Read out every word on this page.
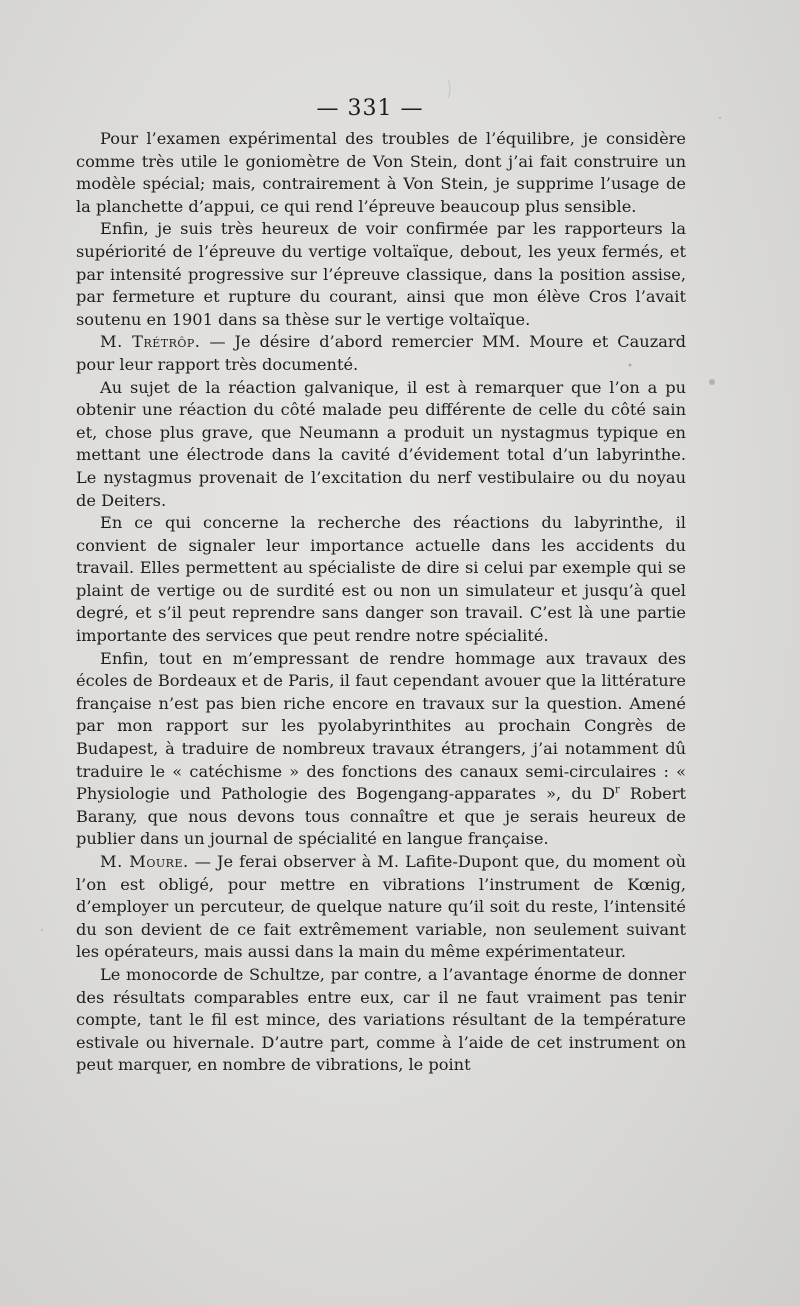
— 331 —

Pour l’examen expérimental des troubles de l’équilibre, je considère comme très utile le goniomètre de Von Stein, dont j’ai fait construire un modèle spécial; mais, contrairement à Von Stein, je supprime l’usage de la planchette d’appui, ce qui rend l’épreuve beaucoup plus sensible.

Enfin, je suis très heureux de voir confirmée par les rapporteurs la supériorité de l’épreuve du vertige voltaïque, debout, les yeux fermés, et par intensité progressive sur l’épreuve classique, dans la position assise, par fermeture et rupture du courant, ainsi que mon élève Cros l’avait soutenu en 1901 dans sa thèse sur le vertige voltaïque.

M. Trétrôp. — Je désire d’abord remercier MM. Moure et Cauzard pour leur rapport très documenté.

Au sujet de la réaction galvanique, il est à remarquer que l’on a pu obtenir une réaction du côté malade peu différente de celle du côté sain et, chose plus grave, que Neumann a produit un nystagmus typique en mettant une électrode dans la cavité d’évidement total d’un labyrinthe. Le nystagmus provenait de l’excitation du nerf vestibulaire ou du noyau de Deiters.

En ce qui concerne la recherche des réactions du labyrinthe, il convient de signaler leur importance actuelle dans les accidents du travail. Elles permettent au spécialiste de dire si celui par exemple qui se plaint de vertige ou de surdité est ou non un simulateur et jusqu’à quel degré, et s’il peut reprendre sans danger son travail. C’est là une partie importante des services que peut rendre notre spécialité.

Enfin, tout en m’empressant de rendre hommage aux travaux des écoles de Bordeaux et de Paris, il faut cependant avouer que la littérature française n’est pas bien riche encore en travaux sur la question. Amené par mon rapport sur les pyolabyrinthites au prochain Congrès de Budapest, à traduire de nombreux travaux étrangers, j’ai notamment dû traduire le « catéchisme » des fonctions des canaux semi-circulaires : « Physiologie und Pathologie des Bogengang-apparates », du $D^r$ Robert Barany, que nous devons tous connaître et que je serais heureux de publier dans un journal de spécialité en langue française.

M. Moure. — Je ferai observer à M. Lafite-Dupont que, du moment où l’on est obligé, pour mettre en vibrations l’instrument de Kœnig, d’employer un percuteur, de quelque nature qu’il soit du reste, l’intensité du son devient de ce fait extrêmement variable, non seulement suivant les opérateurs, mais aussi dans la main du même expérimentateur.

Le monocorde de Schultze, par contre, a l’avantage énorme de donner des résultats comparables entre eux, car il ne faut vraiment pas tenir compte, tant le fil est mince, des variations résultant de la température estivale ou hivernale. D’autre part, comme à l’aide de cet instrument on peut marquer, en nombre de vibrations, le point
